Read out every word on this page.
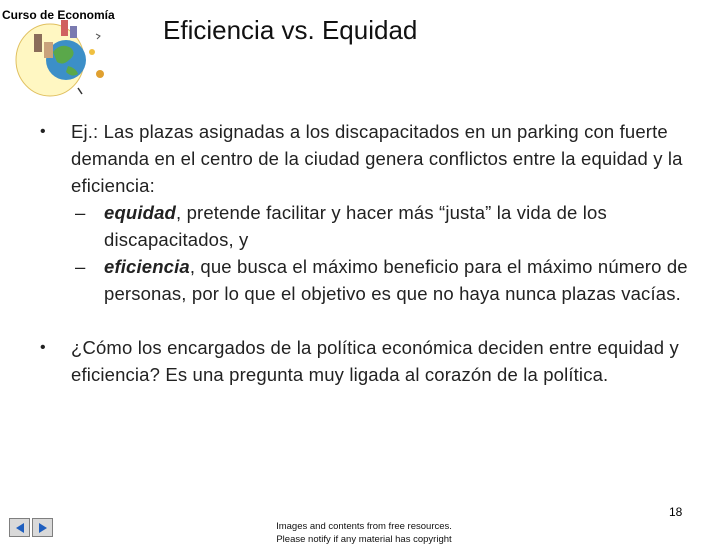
Curso de Economía Eficiencia vs. Equidad
• Ej.: Las plazas asignadas a los discapacitados en un parking con fuerte demanda en el centro de la ciudad genera conflictos entre la equidad y la eficiencia:
– equidad, pretende facilitar y hacer más “justa” la vida de los discapacitados, y
– eficiencia, que busca el máximo beneficio para el máximo número de personas, por lo que el objetivo es que no haya nunca plazas vacías.
• ¿Cómo los encargados de la política económica deciden entre equidad y eficiencia? Es una pregunta muy ligada al corazón de la política.
18
Images and contents from free resources.
Please notify if any material has copyright
